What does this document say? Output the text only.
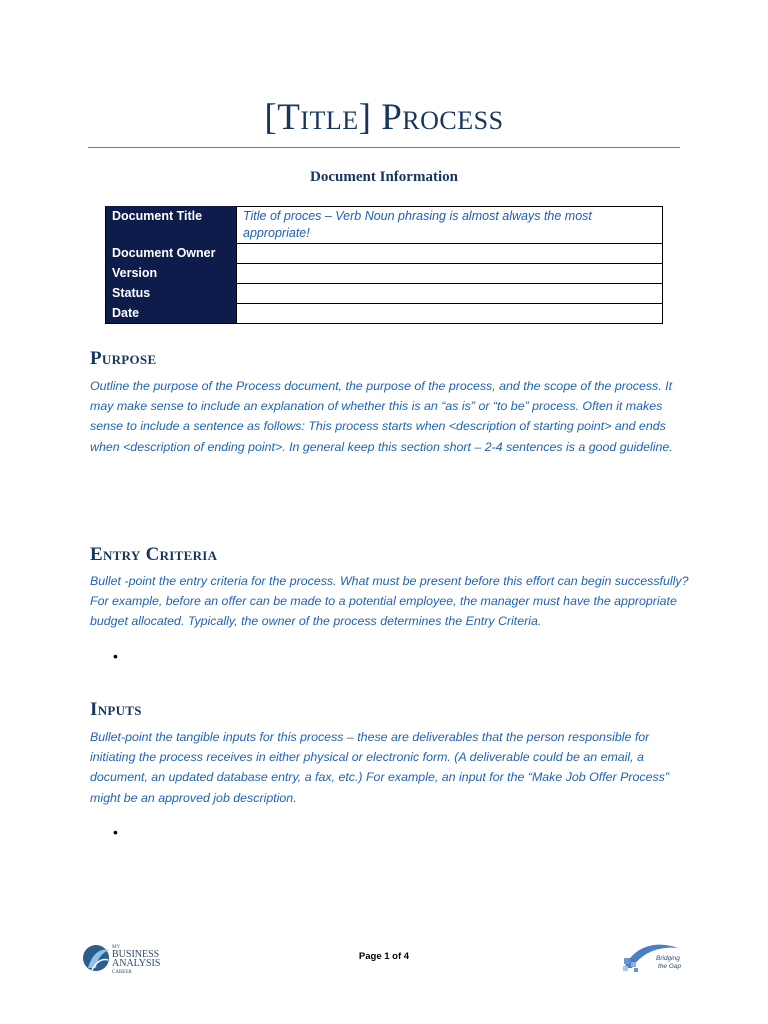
[Title] Process
Document Information
Document Title	Title of proces – Verb Noun phrasing is almost always the most appropriate!
Document Owner	
Version	
Status	
Date	
Purpose
Outline the purpose of the Process document, the purpose of the process, and the scope of the process. It may make sense to include an explanation of whether this is an “as is” or “to be” process. Often it makes sense to include a sentence as follows: This process starts when <description of starting point> and ends when <description of ending point>. In general keep this section short – 2-4 sentences is a good guideline.
Entry Criteria
Bullet -point the entry criteria for the process. What must be present before this effort can begin successfully? For example, before an offer can be made to a potential employee, the manager must have the appropriate budget allocated. Typically, the owner of the process determines the Entry Criteria.
•
Inputs
Bullet-point the tangible inputs for this process – these are deliverables that the person responsible for initiating the process receives in either physical or electronic form. (A deliverable could be an email, a document, an updated database entry, a fax, etc.) For example, an input for the “Make Job Offer Process” might be an approved job description.
•
MY
BUSINESS
ANALYSIS
CAREER
Page 1 of 4	Bridging
the Gap
